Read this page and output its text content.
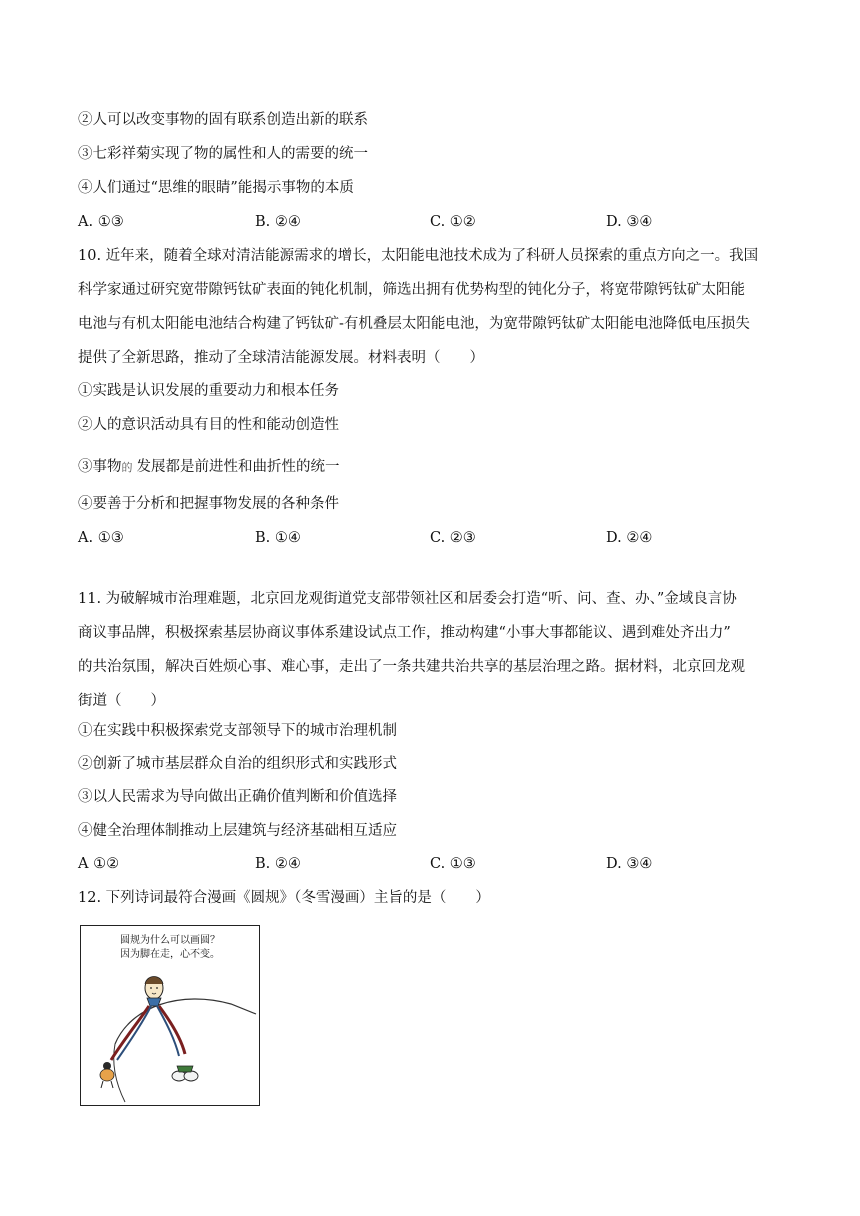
②人可以改变事物的固有联系创造出新的联系
③七彩祥菊实现了物的属性和人的需要的统一
④人们通过“思维的眼睛”能揭示事物的本质
A. ①③	B. ②④	C. ①②	D. ③④
10. 近年来，随着全球对清洁能源需求的增长，太阳能电池技术成为了科研人员探索的重点方向之一。我国
科学家通过研究宽带隙钙钛矿表面的钝化机制，筛选出拥有优势构型的钝化分子，将宽带隙钙钛矿太阳能
电池与有机太阳能电池结合构建了钙钛矿-有机叠层太阳能电池，为宽带隙钙钛矿太阳能电池降低电压损失
提供了全新思路，推动了全球清洁能源发展。材料表明（　　）
①实践是认识发展的重要动力和根本任务
②人的意识活动具有目的性和能动创造性
③事物 的 发展都是前进性和曲折性的统一
④要善于分析和把握事物发展的各种条件
A. ①③	B. ①④	C. ②③	D. ②④
11. 为破解城市治理难题，北京回龙观街道党支部带领社区和居委会打造“听、问、查、办、”金域良言协
商议事品牌，积极探索基层协商议事体系建设试点工作，推动构建“小事大事都能议、遇到难处齐出力”
的共治氛围，解决百姓烦心事、难心事，走出了一条共建共治共享的基层治理之路。据材料，北京回龙观
街道（　　）
①在实践中积极探索党支部领导下的城市治理机制
②创新了城市基层群众自治的组织形式和实践形式
③以人民需求为导向做出正确价值判断和价值选择
④健全治理体制推动上层建筑与经济基础相互适应
A ①②	B. ②④	C. ①③	D. ③④
12. 下列诗词最符合漫画《圆规》（冬雪漫画）主旨的是（　　）
圆规为什么可以画圆？
因为脚在走，心不变。
